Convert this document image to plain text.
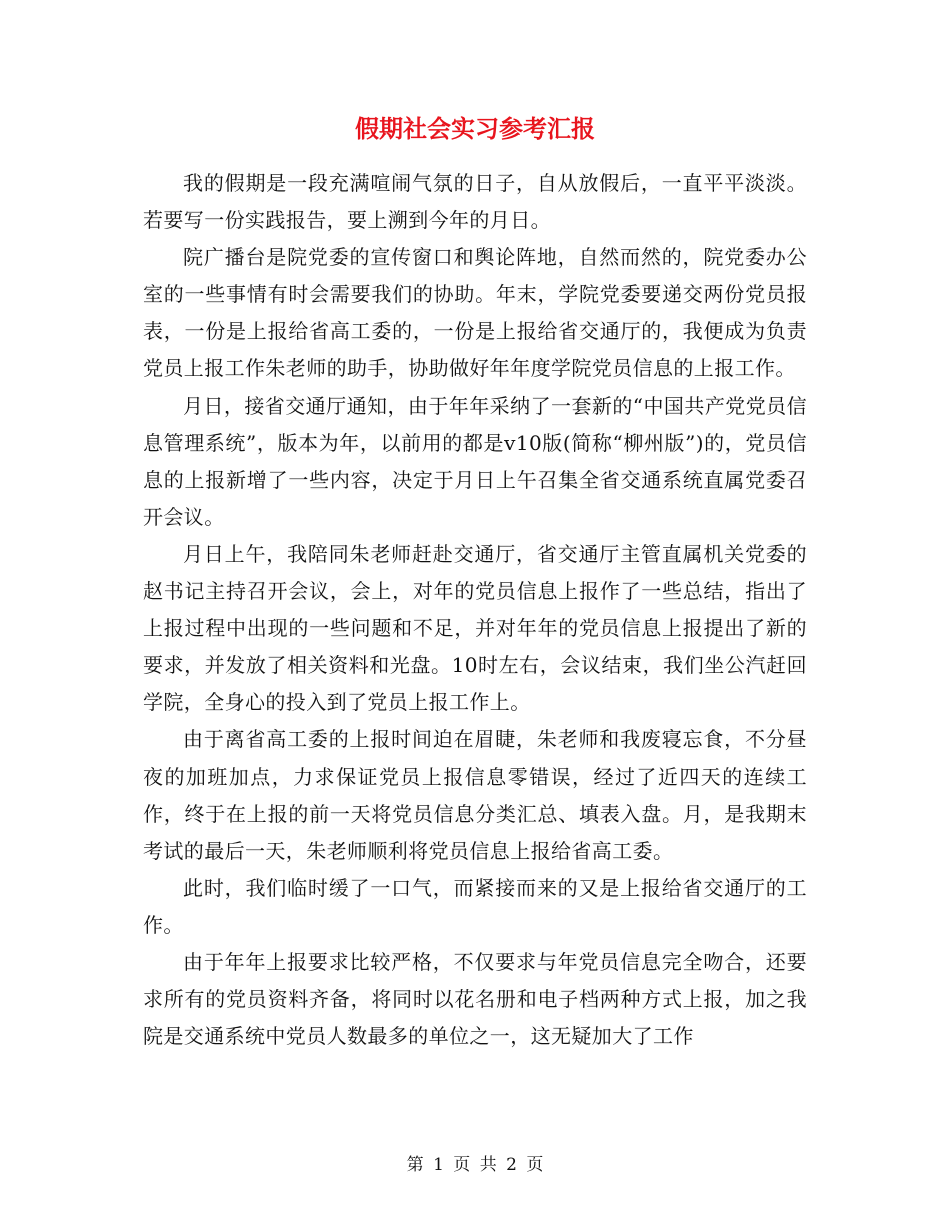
假期社会实习参考汇报

我的假期是一段充满喧闹气氛的日子，自从放假后，一直平平淡淡。若要写一份实践报告，要上溯到今年的月日。

院广播台是院党委的宣传窗口和舆论阵地，自然而然的，院党委办公室的一些事情有时会需要我们的协助。年末，学院党委要递交两份党员报表，一份是上报给省高工委的，一份是上报给省交通厅的，我便成为负责党员上报工作朱老师的助手，协助做好年年度学院党员信息的上报工作。

月日，接省交通厅通知，由于年年采纳了一套新的“中国共产党党员信息管理系统”，版本为年，以前用的都是v10版(简称“柳州版”)的，党员信息的上报新增了一些内容，决定于月日上午召集全省交通系统直属党委召开会议。

月日上午，我陪同朱老师赶赴交通厅，省交通厅主管直属机关党委的赵书记主持召开会议，会上，对年的党员信息上报作了一些总结，指出了上报过程中出现的一些问题和不足，并对年年的党员信息上报提出了新的要求，并发放了相关资料和光盘。10时左右，会议结束，我们坐公汽赶回学院，全身心的投入到了党员上报工作上。

由于离省高工委的上报时间迫在眉睫，朱老师和我废寝忘食，不分昼夜的加班加点，力求保证党员上报信息零错误，经过了近四天的连续工作，终于在上报的前一天将党员信息分类汇总、填表入盘。月，是我期末考试的最后一天，朱老师顺利将党员信息上报给省高工委。

此时，我们临时缓了一口气，而紧接而来的又是上报给省交通厅的工作。

由于年年上报要求比较严格，不仅要求与年党员信息完全吻合，还要求所有的党员资料齐备，将同时以花名册和电子档两种方式上报，加之我院是交通系统中党员人数最多的单位之一，这无疑加大了工作

第 1 页 共 2 页
